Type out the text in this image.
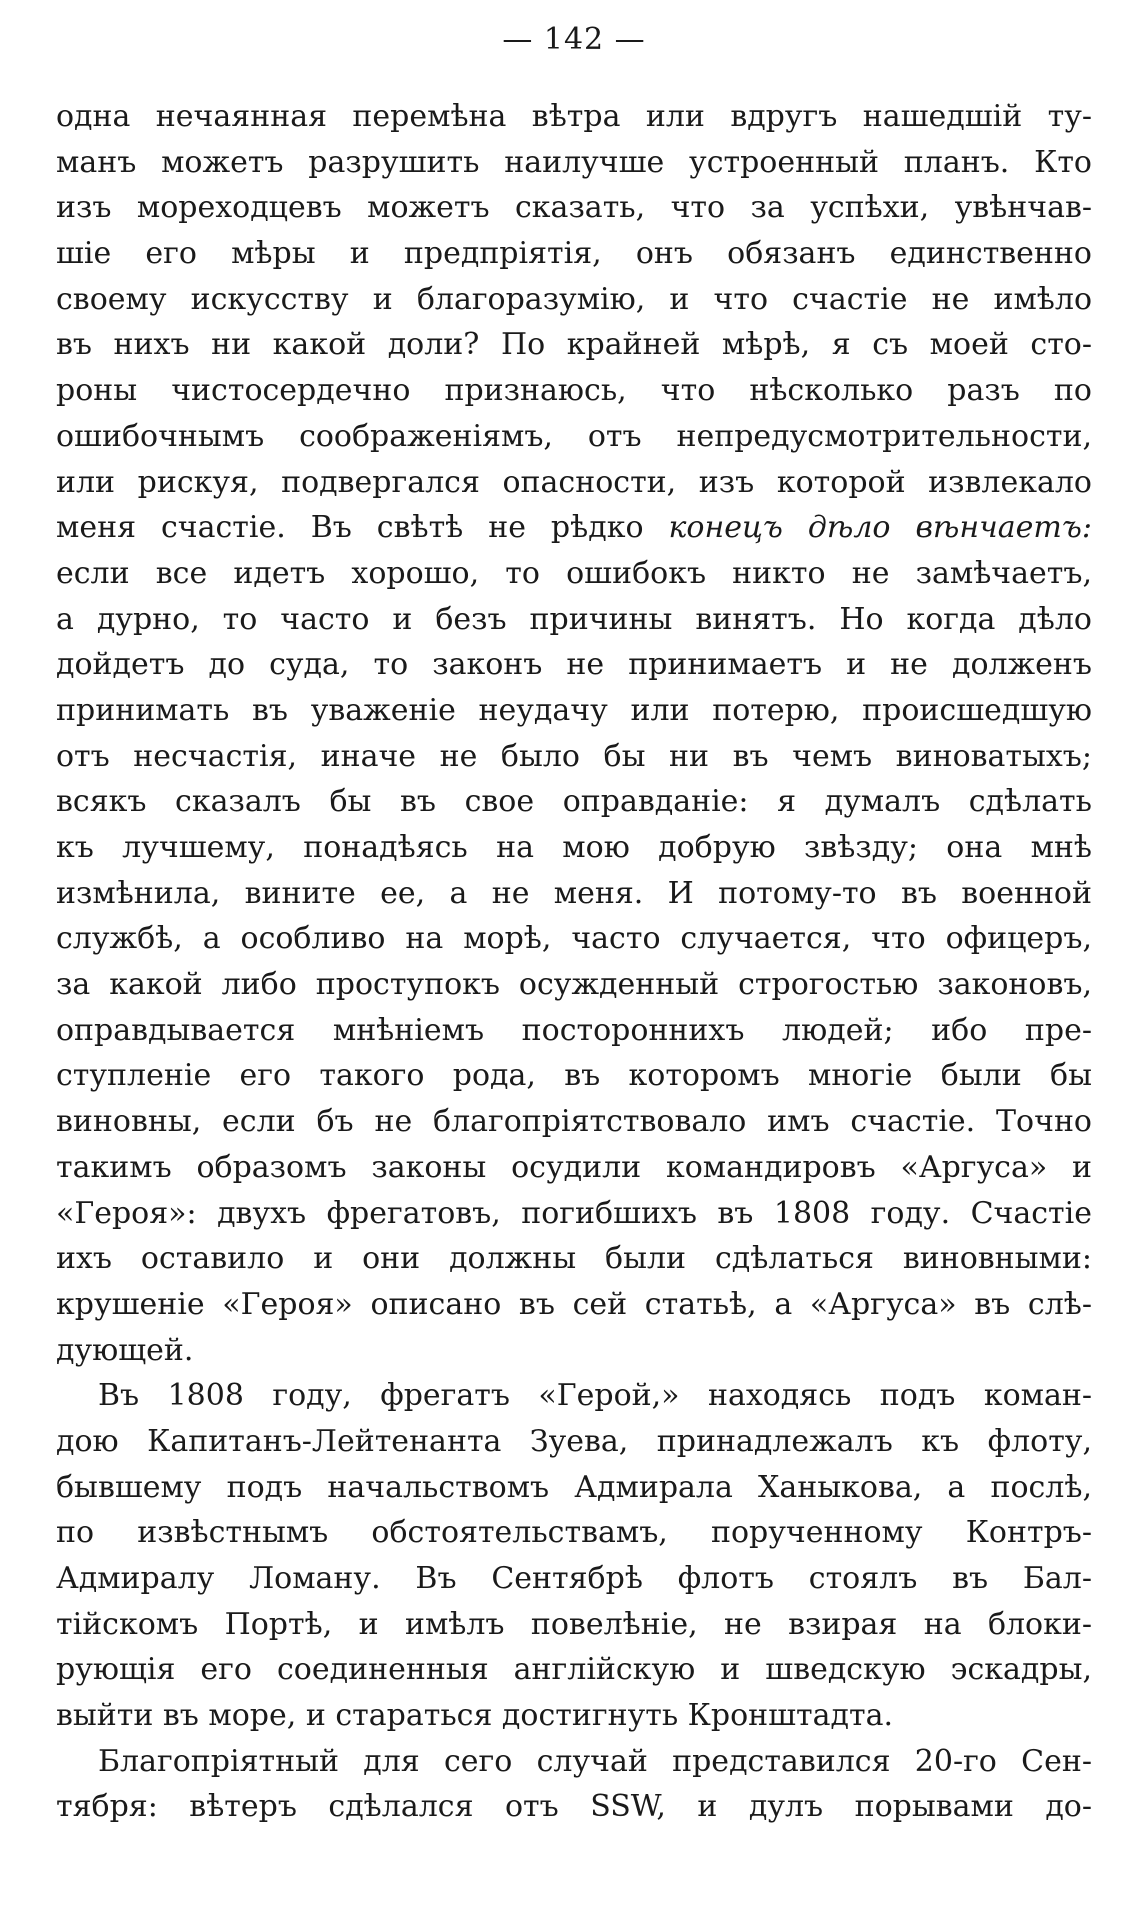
— 142 —
одна нечаянная перемѣна вѣтра или вдругъ нашедшій ту-
манъ можетъ разрушить наилучше устроенный планъ. Кто
изъ мореходцевъ можетъ сказать, что за успѣхи, увѣнчав-
шіе его мѣры и предпріятія, онъ обязанъ единственно
своему искусству и благоразумію, и что счастіе не имѣло
въ нихъ ни какой доли? По крайней мѣрѣ, я съ моей сто-
роны чистосердечно признаюсь, что нѣсколько разъ по
ошибочнымъ соображеніямъ, отъ непредусмотрительности,
или рискуя, подвергался опасности, изъ которой извлекало
меня счастіе. Въ свѣтѣ не рѣдко конецъ дѣло вѣнчаетъ:
если все идетъ хорошо, то ошибокъ никто не замѣчаетъ,
а дурно, то часто и безъ причины винятъ. Но когда дѣло
дойдетъ до суда, то законъ не принимаетъ и не долженъ
принимать въ уваженіе неудачу или потерю, происшедшую
отъ несчастія, иначе не было бы ни въ чемъ виноватыхъ;
всякъ сказалъ бы въ свое оправданіе: я думалъ сдѣлать
къ лучшему, понадѣясь на мою добрую звѣзду; она мнѣ
измѣнила, вините ее, а не меня. И потому-то въ военной
службѣ, а особливо на морѣ, часто случается, что офицеръ,
за какой либо проступокъ осужденный строгостью законовъ,
оправдывается мнѣніемъ постороннихъ людей; ибо пре-
ступленіе его такого рода, въ которомъ многіе были бы
виновны, если бъ не благопріятствовало имъ счастіе. Точно
такимъ образомъ законы осудили командировъ «Аргуса» и
«Героя»: двухъ фрегатовъ, погибшихъ въ 1808 году. Счастіе
ихъ оставило и они должны были сдѣлаться виновными:
крушеніе «Героя» описано въ сей статьѣ, а «Аргуса» въ слѣ-
дующей.
Въ 1808 году, фрегатъ «Герой,» находясь подъ коман-
дою Капитанъ-Лейтенанта Зуева, принадлежалъ къ флоту,
бывшему подъ начальствомъ Адмирала Ханыкова, а послѣ,
по извѣстнымъ обстоятельствамъ, порученному Контръ-
Адмиралу Ломану. Въ Сентябрѣ флотъ стоялъ въ Бал-
тійскомъ Портѣ, и имѣлъ повелѣніе, не взирая на блоки-
рующія его соединенныя англійскую и шведскую эскадры,
выйти въ море, и стараться достигнуть Кронштадта.
Благопріятный для сего случай представился 20-го Сен-
тября: вѣтеръ сдѣлался отъ SSW, и дулъ порывами до-
